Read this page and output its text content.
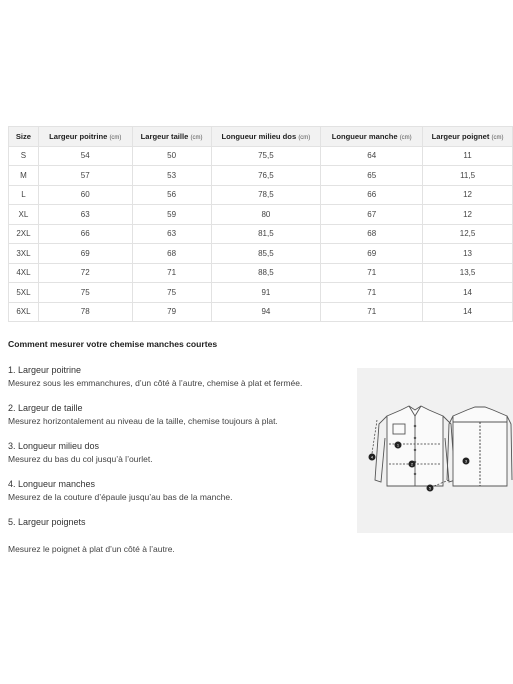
Size	Largeur poitrine (cm)	Largeur taille (cm)	Longueur milieu dos (cm)	Longueur manche (cm)	Largeur poignet (cm)
S	54	50	75,5	64	11
M	57	53	76,5	65	11,5
L	60	56	78,5	66	12
XL	63	59	80	67	12
2XL	66	63	81,5	68	12,5
3XL	69	68	85,5	69	13
4XL	72	71	88,5	71	13,5
5XL	75	75	91	71	14
6XL	78	79	94	71	14
Comment mesurer votre chemise manches courtes
1. Largeur poitrine
Mesurez sous les emmanchures, d’un côté à l’autre, chemise à plat et fermée.
2. Largeur de taille
Mesurez horizontalement au niveau de la taille, chemise toujours à plat.
3. Longueur milieu dos
Mesurez du bas du col jusqu’à l’ourlet.
4. Longueur manches
Mesurez de la couture d’épaule jusqu’au bas de la manche.
5. Largeur poignets
Mesurez le poignet à plat d’un côté à l’autre.
1
2
3
4
5
